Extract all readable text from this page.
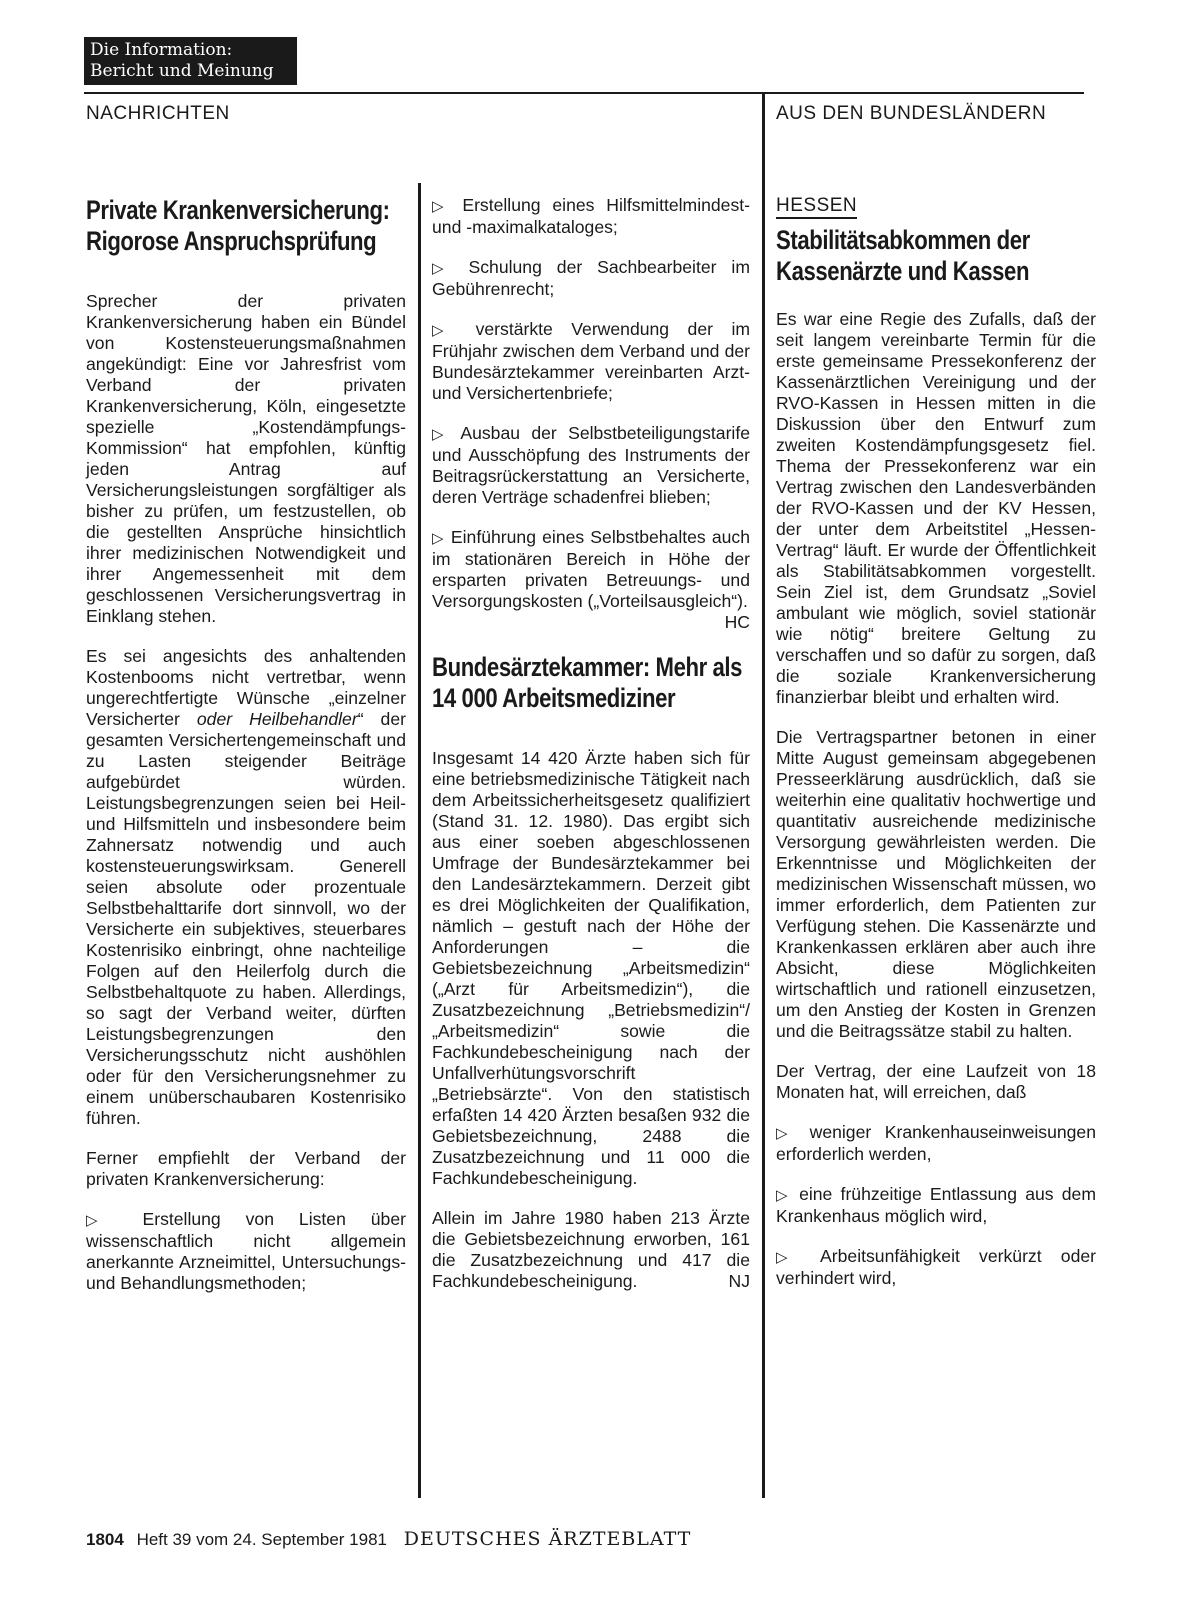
Die Information:
Bericht und Meinung
NACHRICHTEN	AUS DEN BUNDESLÄNDERN
Private Krankenversicherung: Rigorose Anspruchsprüfung

Sprecher der privaten Krankenversicherung haben ein Bündel von Kostensteuerungsmaßnahmen angekündigt: Eine vor Jahresfrist vom Verband der privaten Krankenversicherung, Köln, eingesetzte spezielle „Kostendämpfungs-Kommission“ hat empfohlen, künftig jeden Antrag auf Versicherungsleistungen sorgfältiger als bisher zu prüfen, um festzustellen, ob die gestellten Ansprüche hinsichtlich ihrer medizinischen Notwendigkeit und ihrer Angemessenheit mit dem geschlossenen Versicherungsvertrag in Einklang stehen.

Es sei angesichts des anhaltenden Kostenbooms nicht vertretbar, wenn ungerechtfertigte Wünsche „einzelner Versicherter oder Heilbehandler“ der gesamten Versichertengemeinschaft und zu Lasten steigender Beiträge aufgebürdet würden. Leistungsbegrenzungen seien bei Heil- und Hilfsmitteln und insbesondere beim Zahnersatz notwendig und auch kostensteuerungswirksam. Generell seien absolute oder prozentuale Selbstbehalttarife dort sinnvoll, wo der Versicherte ein subjektives, steuerbares Kostenrisiko einbringt, ohne nachteilige Folgen auf den Heilerfolg durch die Selbstbehaltquote zu haben. Allerdings, so sagt der Verband weiter, dürften Leistungsbegrenzungen den Versicherungsschutz nicht aushöhlen oder für den Versicherungsnehmer zu einem unüberschaubaren Kostenrisiko führen.

Ferner empfiehlt der Verband der privaten Krankenversicherung:

▷ Erstellung von Listen über wissenschaftlich nicht allgemein anerkannte Arzneimittel, Untersuchungs- und Behandlungsmethoden;

▷ Erstellung eines Hilfsmittelmindest- und -maximalkataloges;

▷ Schulung der Sachbearbeiter im Gebührenrecht;

▷ verstärkte Verwendung der im Frühjahr zwischen dem Verband und der Bundesärztekammer vereinbarten Arzt- und Versichertenbriefe;

▷ Ausbau der Selbstbeteiligungstarife und Ausschöpfung des Instruments der Beitragsrückerstattung an Versicherte, deren Verträge schadenfrei blieben;

▷ Einführung eines Selbstbehaltes auch im stationären Bereich in Höhe der ersparten privaten Betreuungs- und Versorgungskosten („Vorteilsausgleich“).
HC

Bundesärztekammer: Mehr als 14 000 Arbeitsmediziner

Insgesamt 14 420 Ärzte haben sich für eine betriebsmedizinische Tätigkeit nach dem Arbeitssicherheitsgesetz qualifiziert (Stand 31. 12. 1980). Das ergibt sich aus einer soeben abgeschlossenen Umfrage der Bundesärztekammer bei den Landesärztekammern. Derzeit gibt es drei Möglichkeiten der Qualifikation, nämlich – gestuft nach der Höhe der Anforderungen – die Gebietsbezeichnung „Arbeitsmedizin“ („Arzt für Arbeitsmedizin“), die Zusatzbezeichnung „Betriebsmedizin“/„Arbeitsmedizin“ sowie die Fachkundebescheinigung nach der Unfallverhütungsvorschrift „Betriebsärzte“. Von den statistisch erfaßten 14 420 Ärzten besaßen 932 die Gebietsbezeichnung, 2488 die Zusatzbezeichnung und 11 000 die Fachkundebescheinigung.

Allein im Jahre 1980 haben 213 Ärzte die Gebietsbezeichnung erworben, 161 die Zusatzbezeichnung und 417 die Fachkundebescheinigung.	NJ

HESSEN
Stabilitätsabkommen der Kassenärzte und Kassen

Es war eine Regie des Zufalls, daß der seit langem vereinbarte Termin für die erste gemeinsame Pressekonferenz der Kassenärztlichen Vereinigung und der RVO-Kassen in Hessen mitten in die Diskussion über den Entwurf zum zweiten Kostendämpfungsgesetz fiel. Thema der Pressekonferenz war ein Vertrag zwischen den Landesverbänden der RVO-Kassen und der KV Hessen, der unter dem Arbeitstitel „Hessen-Vertrag“ läuft. Er wurde der Öffentlichkeit als Stabilitätsabkommen vorgestellt. Sein Ziel ist, dem Grundsatz „Soviel ambulant wie möglich, soviel stationär wie nötig“ breitere Geltung zu verschaffen und so dafür zu sorgen, daß die soziale Krankenversicherung finanzierbar bleibt und erhalten wird.

Die Vertragspartner betonen in einer Mitte August gemeinsam abgegebenen Presseerklärung ausdrücklich, daß sie weiterhin eine qualitativ hochwertige und quantitativ ausreichende medizinische Versorgung gewährleisten werden. Die Erkenntnisse und Möglichkeiten der medizinischen Wissenschaft müssen, wo immer erforderlich, dem Patienten zur Verfügung stehen. Die Kassenärzte und Krankenkassen erklären aber auch ihre Absicht, diese Möglichkeiten wirtschaftlich und rationell einzusetzen, um den Anstieg der Kosten in Grenzen und die Beitragssätze stabil zu halten.

Der Vertrag, der eine Laufzeit von 18 Monaten hat, will erreichen, daß

▷ weniger Krankenhauseinweisungen erforderlich werden,

▷ eine frühzeitige Entlassung aus dem Krankenhaus möglich wird,

▷ Arbeitsunfähigkeit verkürzt oder verhindert wird,

1804 Heft 39 vom 24. September 1981 DEUTSCHES ÄRZTEBLATT
